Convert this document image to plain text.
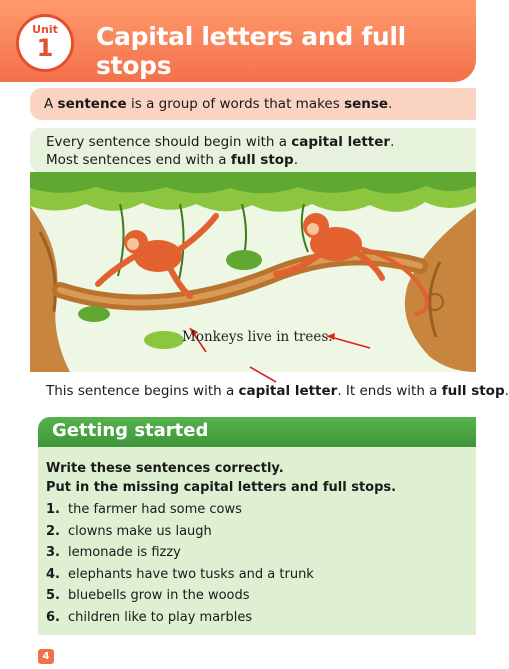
Unit
1	Capital letters and full stops
A sentence is a group of words that makes sense.
Every sentence should begin with a capital letter.
Most sentences end with a full stop.
Monkeys live in trees.

This sentence begins with a capital letter. It ends with a full stop.

Getting started

Write these sentences correctly.
Put in the missing capital letters and full stops.

1. the farmer had some cows
2. clowns make us laugh
3. lemonade is fizzy
4. elephants have two tusks and a trunk
5. bluebells grow in the woods
6. children like to play marbles
4
